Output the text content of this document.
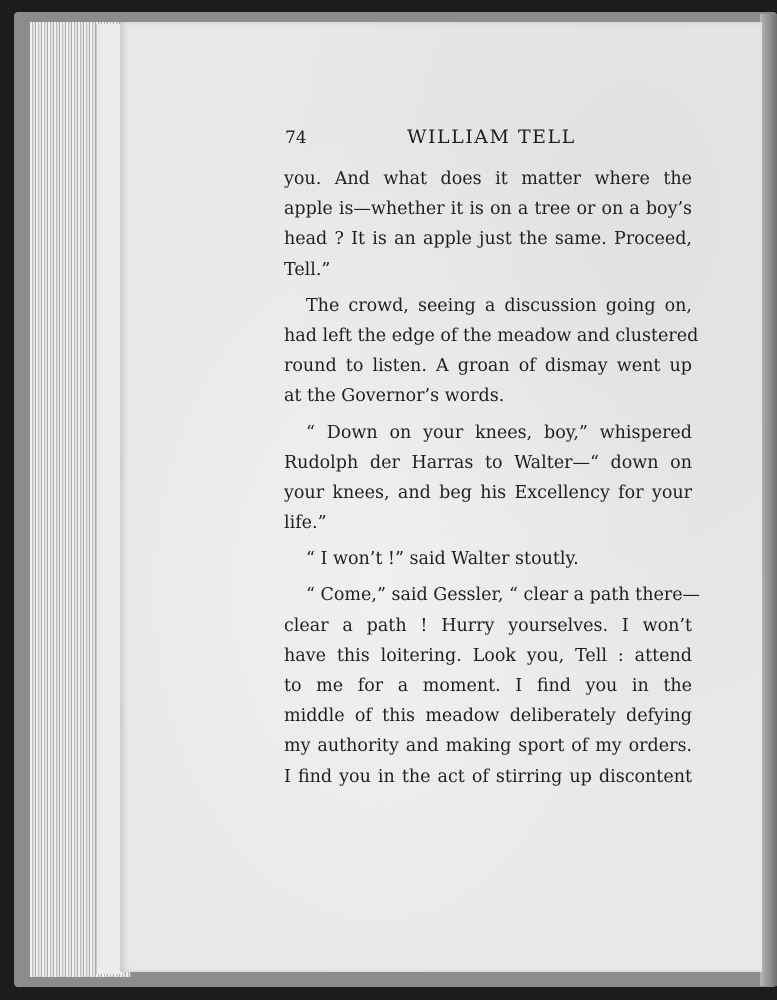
74	WILLIAM TELL
you. And what does it matter where the
apple is—whether it is on a tree or on a boy’s
head ? It is an apple just the same. Proceed,
Tell.”
The crowd, seeing a discussion going on,
had left the edge of the meadow and clustered
round to listen. A groan of dismay went up
at the Governor’s words.
“ Down on your knees, boy,” whispered
Rudolph der Harras to Walter—“ down on
your knees, and beg his Excellency for your
life.”
“ I won’t !” said Walter stoutly.
“ Come,” said Gessler, “ clear a path there—
clear a path ! Hurry yourselves. I won’t
have this loitering. Look you, Tell : attend
to me for a moment. I find you in the
middle of this meadow deliberately defying
my authority and making sport of my orders.
I find you in the act of stirring up discontent
